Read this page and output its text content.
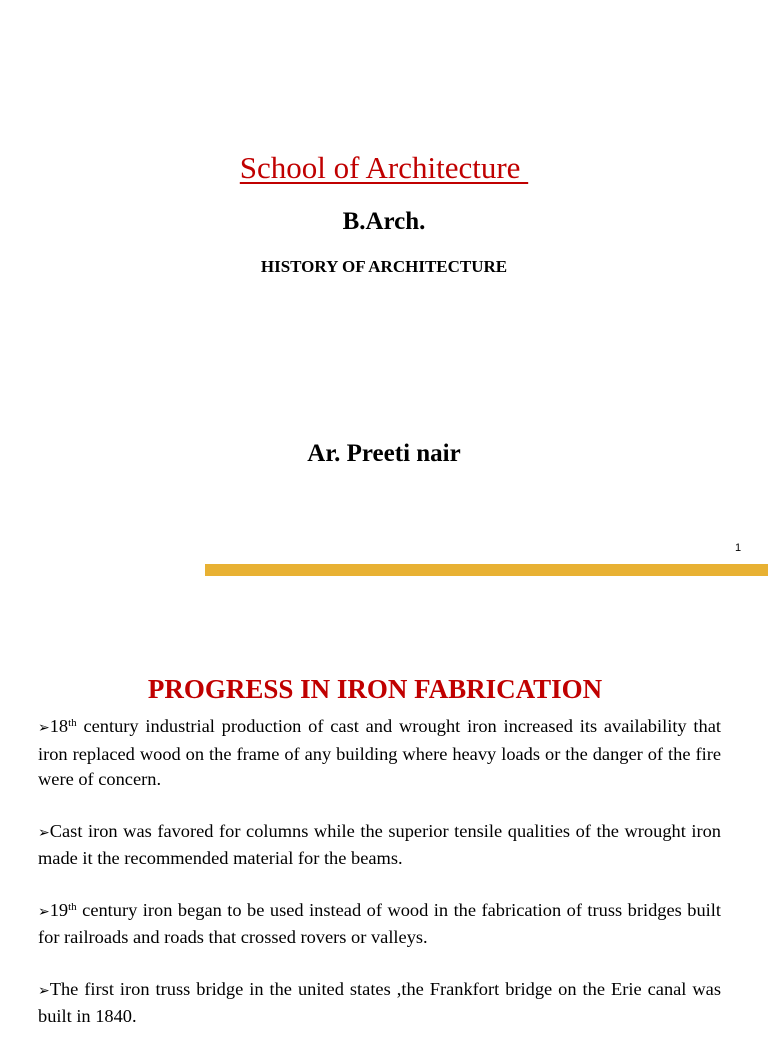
School of Architecture
B.Arch.
HISTORY OF ARCHITECTURE
Ar. Preeti nair
1
PROGRESS IN IRON FABRICATION

➢18th century industrial production of cast and wrought iron increased its availability that iron replaced wood on the frame of any building where heavy loads or the danger of the fire were of concern.

➢Cast iron was favored for columns while the superior tensile qualities of the wrought iron made it the recommended material for the beams.

➢19th century iron began to be used instead of wood in the fabrication of truss bridges built for railroads and roads that crossed rovers or valleys.

➢The first iron truss bridge in the united states ,the Frankfort bridge on the Erie canal was built in 1840.
